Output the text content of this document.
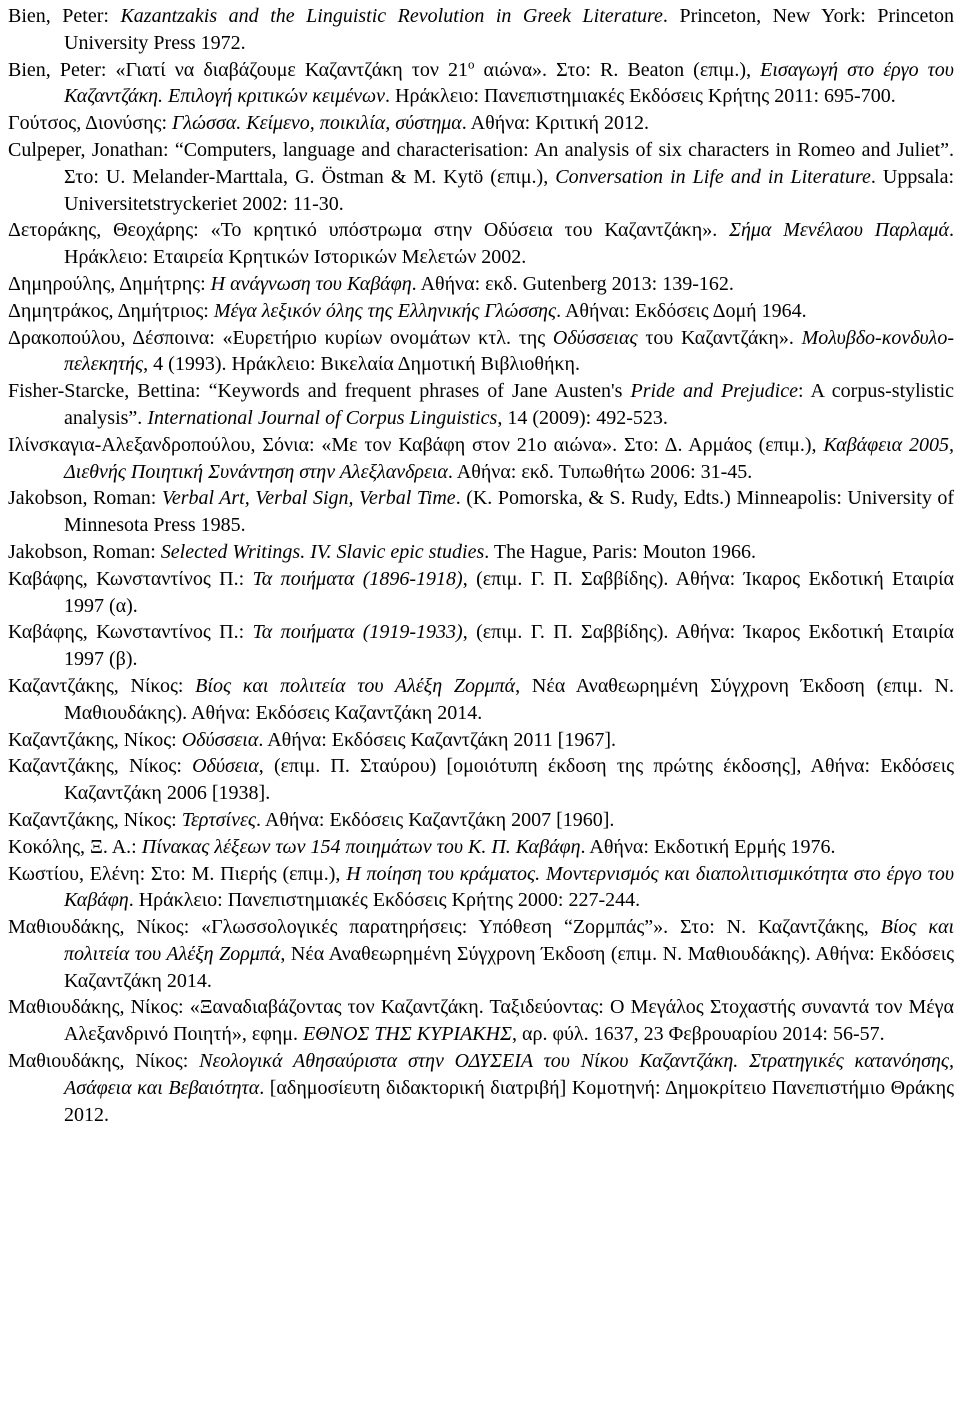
Bien, Peter: Kazantzakis and the Linguistic Revolution in Greek Literature. Princeton, New York: Princeton University Press 1972.
Bien, Peter: «Γιατί να διαβάζουμε Καζαντζάκη τον $21^o$ αιώνα». Στο: R. Beaton (επιμ.), Εισαγωγή στο έργο του Καζαντζάκη. Επιλογή κριτικών κειμένων. Ηράκλειο: Πανεπιστημιακές Εκδόσεις Κρήτης 2011: 695-700.
Γούτσος, Διονύσης: Γλώσσα. Κείμενο, ποικιλία, σύστημα. Αθήνα: Κριτική 2012.
Culpeper, Jonathan: “Computers, language and characterisation: An analysis of six characters in Romeo and Juliet”. Στο: U. Melander-Marttala, G. Östman & M. Kytö (επιμ.), Conversation in Life and in Literature. Uppsala: Universitetstryckeriet 2002: 11-30.
Δετοράκης, Θεοχάρης: «Το κρητικό υπόστρωμα στην Οδύσεια του Καζαντζάκη». Σήμα Μενέλαου Παρλαμά. Ηράκλειο: Εταιρεία Κρητικών Ιστορικών Μελετών 2002.
Δημηρούλης, Δημήτρης: Η ανάγνωση του Καβάφη. Αθήνα: εκδ. Gutenberg 2013: 139-162.
Δημητράκος, Δημήτριος: Μέγα λεξικόν όλης της Ελληνικής Γλώσσης. Αθήναι: Εκδόσεις Δομή 1964.
Δρακοπούλου, Δέσποινα: «Ευρετήριο κυρίων ονομάτων κτλ. της Οδύσσειας του Καζαντζάκη». Μολυβδο-κονδυλο-πελεκητής, 4 (1993). Ηράκλειο: Βικελαία Δημοτική Βιβλιοθήκη.
Fisher-Starcke, Bettina: “Keywords and frequent phrases of Jane Austen's Pride and Prejudice: A corpus-stylistic analysis”. International Journal of Corpus Linguistics, 14 (2009): 492-523.
Ιλίνσκαγια-Αλεξανδροπούλου, Σόνια: «Με τον Καβάφη στον 21ο αιώνα». Στο: Δ. Αρμάος (επιμ.), Καβάφεια 2005, Διεθνής Ποιητική Συνάντηση στην Αλεξλανδρεια. Αθήνα: εκδ. Τυπωθήτω 2006: 31-45.
Jakobson, Roman: Verbal Art, Verbal Sign, Verbal Time. (K. Pomorska, & S. Rudy, Edts.) Minneapolis: University of Minnesota Press 1985.
Jakobson, Roman: Selected Writings. IV. Slavic epic studies. The Hague, Paris: Mouton 1966.
Καβάφης, Κωνσταντίνος Π.: Τα ποιήματα (1896-1918), (επιμ. Γ. Π. Σαββίδης). Αθήνα: Ίκαρος Εκδοτική Εταιρία 1997 (α).
Καβάφης, Κωνσταντίνος Π.: Τα ποιήματα (1919-1933), (επιμ. Γ. Π. Σαββίδης). Αθήνα: Ίκαρος Εκδοτική Εταιρία 1997 (β).
Καζαντζάκης, Νίκος: Βίος και πολιτεία του Αλέξη Ζορμπά, Νέα Αναθεωρημένη Σύγχρονη Έκδοση (επιμ. Ν. Μαθιουδάκης). Αθήνα: Εκδόσεις Καζαντζάκη 2014.
Καζαντζάκης, Νίκος: Οδύσσεια. Αθήνα: Εκδόσεις Καζαντζάκη 2011 [1967].
Καζαντζάκης, Νίκος: Οδύσεια, (επιμ. Π. Σταύρου) [ομοιότυπη έκδοση της πρώτης έκδοσης], Αθήνα: Εκδόσεις Καζαντζάκη 2006 [1938].
Καζαντζάκης, Νίκος: Τερτσίνες. Αθήνα: Εκδόσεις Καζαντζάκη 2007 [1960].
Κοκόλης, Ξ. Α.: Πίνακας λέξεων των 154 ποιημάτων του Κ. Π. Καβάφη. Αθήνα: Εκδοτική Ερμής 1976.
Κωστίου, Ελένη: Στο: Μ. Πιερής (επιμ.), Η ποίηση του κράματος. Μοντερνισμός και διαπολιτισμικότητα στο έργο του Καβάφη. Ηράκλειο: Πανεπιστημιακές Εκδόσεις Κρήτης 2000: 227-244.
Μαθιουδάκης, Νίκος: «Γλωσσολογικές παρατηρήσεις: Υπόθεση “Ζορμπάς”». Στο: Ν. Καζαντζάκης, Βίος και πολιτεία του Αλέξη Ζορμπά, Νέα Αναθεωρημένη Σύγχρονη Έκδοση (επιμ. Ν. Μαθιουδάκης). Αθήνα: Εκδόσεις Καζαντζάκη 2014.
Μαθιουδάκης, Νίκος: «Ξαναδιαβάζοντας τον Καζαντζάκη. Ταξιδεύοντας: Ο Μεγάλος Στοχαστής συναντά τον Μέγα Αλεξανδρινό Ποιητή», εφημ. ΕΘΝΟΣ ΤΗΣ ΚΥΡΙΑΚΗΣ, αρ. φύλ. 1637, 23 Φεβρουαρίου 2014: 56-57.
Μαθιουδάκης, Νίκος: Νεολογικά Αθησαύριστα στην ΟΔΥΣΕΙΑ του Νίκου Καζαντζάκη. Στρατηγικές κατανόησης, Ασάφεια και Βεβαιότητα. [αδημοσίευτη διδακτορική διατριβή] Κομοτηνή: Δημοκρίτειο Πανεπιστήμιο Θράκης 2012.
